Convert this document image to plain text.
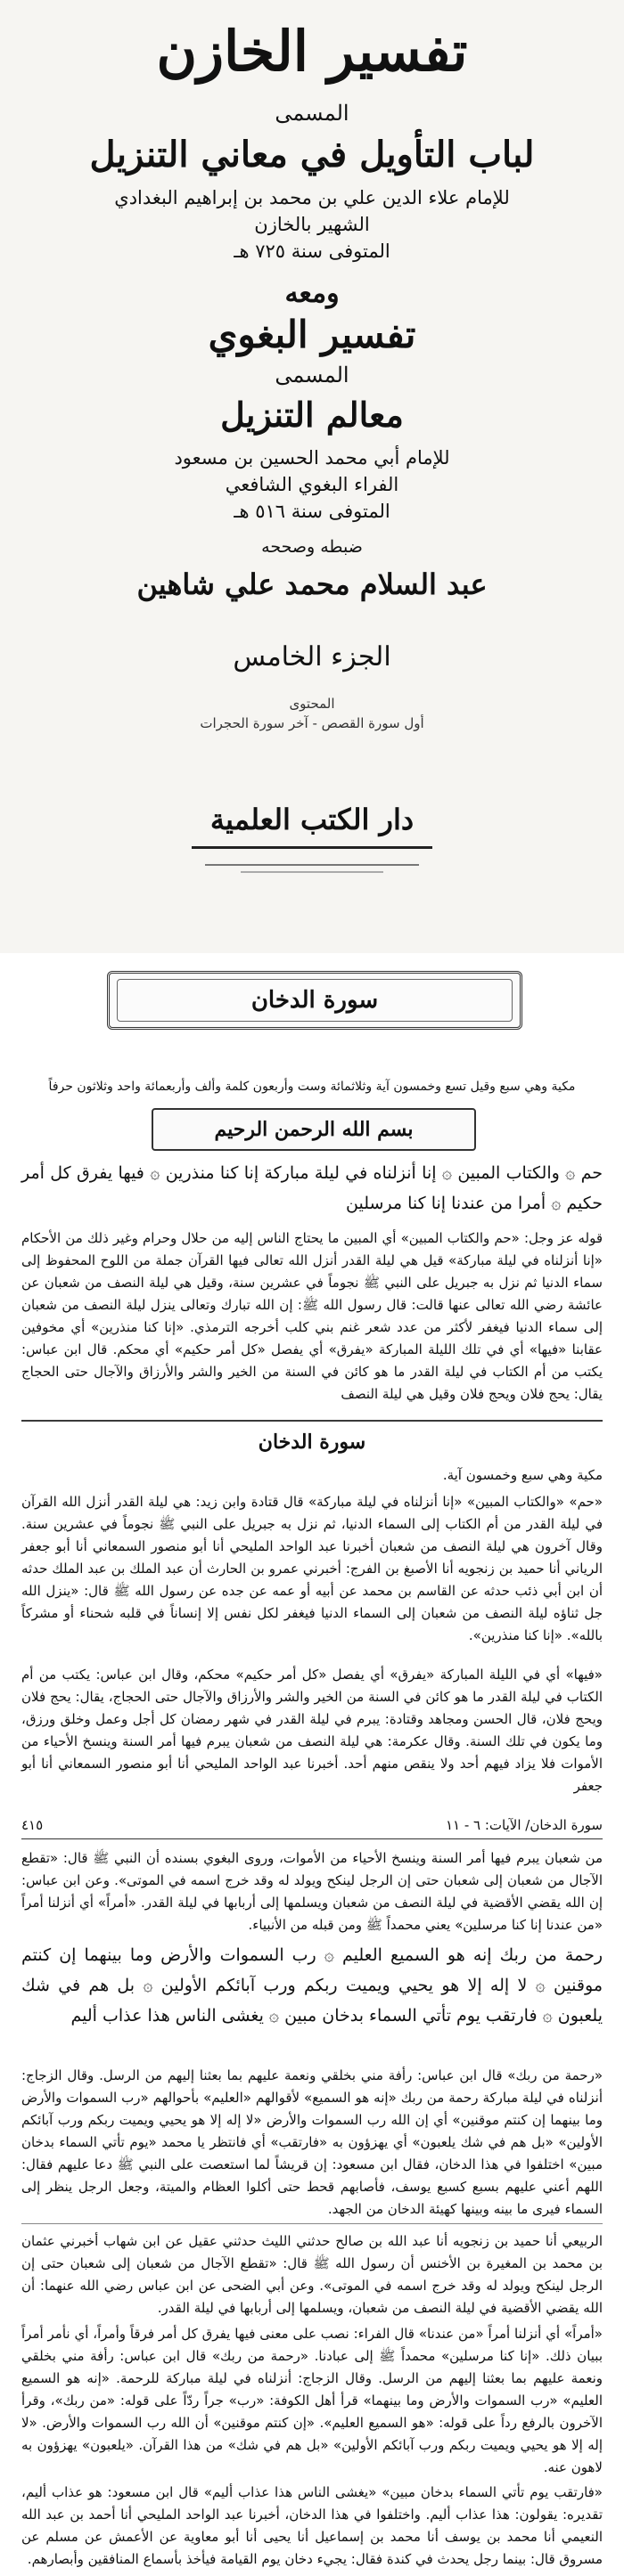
تفسير الخازن
المسمى
لباب التأويل في معاني التنزيل
للإمام علاء الدين علي بن محمد بن إبراهيم البغدادي
الشهير بالخازن
المتوفى سنة ٧٢٥ هـ
ومعه
تفسير البغوي
المسمى
معالم التنزيل
للإمام أبي محمد الحسين بن مسعود
الفراء البغوي الشافعي
المتوفى سنة ٥١٦ هـ
ضبطه وصححه
عبد السلام محمد علي شاهين
الجزء الخامس
المحتوى
أول سورة القصص - آخر سورة الحجرات
دار الكتب العلمية
سورة الدخان
مكية وهي سبع وقيل تسع وخمسون آية وثلاثمائة وست وأربعون كلمة وألف وأربعمائة واحد وثلاثون حرفاً
بسم الله الرحمن الرحيم
حم ۞ والكتاب المبين ۞ إنا أنزلناه في ليلة مباركة إنا كنا منذرين ۞ فيها يفرق كل أمر حكيم ۞ أمرا من عندنا إنا كنا مرسلين
قوله عز وجل: «حم والكتاب المبين» أي المبين ما يحتاج الناس إليه من حلال وحرام وغير ذلك من الأحكام «إنا أنزلناه في ليلة مباركة» قيل هي ليلة القدر أنزل الله تعالى فيها القرآن جملة من اللوح المحفوظ إلى سماء الدنيا ثم نزل به جبريل على النبي ﷺ نجوماً في عشرين سنة، وقيل هي ليلة النصف من شعبان عن عائشة رضي الله تعالى عنها قالت: قال رسول الله ﷺ: إن الله تبارك وتعالى ينزل ليلة النصف من شعبان إلى سماء الدنيا فيغفر لأكثر من عدد شعر غنم بني كلب أخرجه الترمذي. «إنا كنا منذرين» أي مخوفين عقابنا «فيها» أي في تلك الليلة المباركة «يفرق» أي يفصل «كل أمر حكيم» أي محكم. قال ابن عباس: يكتب من أم الكتاب في ليلة القدر ما هو كائن في السنة من الخير والشر والأرزاق والآجال حتى الحجاج يقال: يحج فلان ويحج فلان وقيل هي ليلة النصف
سورة الدخان
مكية وهي سبع وخمسون آية.
«حم» «والكتاب المبين» «إنا أنزلناه في ليلة مباركة» قال قتادة وابن زيد: هي ليلة القدر أنزل الله القرآن في ليلة القدر من أم الكتاب إلى السماء الدنيا، ثم نزل به جبريل على النبي ﷺ نجوماً في عشرين سنة. وقال آخرون هي ليلة النصف من شعبان أخبرنا عبد الواحد المليحي أنا أبو منصور السمعاني أنا أبو جعفر الرياني أنا حميد بن زنجويه أنا الأصبغ بن الفرج: أخبرني عمرو بن الحارث أن عبد الملك بن عبد الملك حدثه أن ابن أبي ذئب حدثه عن القاسم بن محمد عن أبيه أو عمه عن جده عن رسول الله ﷺ قال: «ينزل الله جل ثناؤه ليلة النصف من شعبان إلى السماء الدنيا فيغفر لكل نفس إلا إنساناً في قلبه شحناء أو مشركاً بالله». «إنا كنا منذرين».
«فيها» أي في الليلة المباركة «يفرق» أي يفصل «كل أمر حكيم» محكم، وقال ابن عباس: يكتب من أم الكتاب في ليلة القدر ما هو كائن في السنة من الخير والشر والأرزاق والآجال حتى الحجاج، يقال: يحج فلان ويحج فلان، قال الحسن ومجاهد وقتادة: يبرم في ليلة القدر في شهر رمضان كل أجل وعمل وخلق ورزق، وما يكون في تلك السنة. وقال عكرمة: هي ليلة النصف من شعبان يبرم فيها أمر السنة وينسخ الأحياء من الأموات فلا يزاد فيهم أحد ولا ينقص منهم أحد. أخبرنا عبد الواحد المليحي أنا أبو منصور السمعاني أنا أبو جعفر
٤١٥	سورة الدخان/ الآيات: ٦ - ١١
من شعبان يبرم فيها أمر السنة وينسخ الأحياء من الأموات، وروى البغوي بسنده أن النبي ﷺ قال: «تقطع الآجال من شعبان إلى شعبان حتى إن الرجل لينكح ويولد له وقد خرج اسمه في الموتى». وعن ابن عباس: إن الله يقضي الأقضية في ليلة النصف من شعبان ويسلمها إلى أربابها في ليلة القدر. «أمراً» أي أنزلنا أمراً «من عندنا إنا كنا مرسلين» يعني محمداً ﷺ ومن قبله من الأنبياء.
رحمة من ربك إنه هو السميع العليم ۞ رب السموات والأرض وما بينهما إن كنتم موقنين ۞ لا إله إلا هو يحيي ويميت ربكم ورب آبائكم الأولين ۞ بل هم في شك يلعبون ۞ فارتقب يوم تأتي السماء بدخان مبين ۞ يغشى الناس هذا عذاب أليم
«رحمة من ربك» قال ابن عباس: رأفة مني بخلقي ونعمة عليهم بما بعثنا إليهم من الرسل. وقال الزجاج: أنزلناه في ليلة مباركة رحمة من ربك «إنه هو السميع» لأقوالهم «العليم» بأحوالهم «رب السموات والأرض وما بينهما إن كنتم موقنين» أي إن الله رب السموات والأرض «لا إله إلا هو يحيي ويميت ربكم ورب آبائكم الأولين» «بل هم في شك يلعبون» أي يهزؤون به «فارتقب» أي فانتظر يا محمد «يوم تأتي السماء بدخان مبين» اختلفوا في هذا الدخان، فقال ابن مسعود: إن قريشاً لما استعصت على النبي ﷺ دعا عليهم فقال: اللهم أعني عليهم بسبع كسبع يوسف، فأصابهم قحط حتى أكلوا العظام والميتة، وجعل الرجل ينظر إلى السماء فيرى ما بينه وبينها كهيئة الدخان من الجهد.
الربيعي أنا حميد بن زنجويه أنا عبد الله بن صالح حدثني الليث حدثني عقيل عن ابن شهاب أخبرني عثمان بن محمد بن المغيرة بن الأخنس أن رسول الله ﷺ قال: «تقطع الآجال من شعبان إلى شعبان حتى إن الرجل لينكح ويولد له وقد خرج اسمه في الموتى». وعن أبي الضحى عن ابن عباس رضي الله عنهما: أن الله يقضي الأقضية في ليلة النصف من شعبان، ويسلمها إلى أربابها في ليلة القدر.
«أمراً» أي أنزلنا أمراً «من عندنا» قال الفراء: نصب على معنى فيها يفرق كل أمر فرقاً وأمراً، أي نأمر أمراً ببيان ذلك. «إنا كنا مرسلين» محمداً ﷺ إلى عبادنا. «رحمة من ربك» قال ابن عباس: رأفة مني بخلقي ونعمة عليهم بما بعثنا إليهم من الرسل. وقال الزجاج: أنزلناه في ليلة مباركة للرحمة. «إنه هو السميع العليم» «رب السموات والأرض وما بينهما» قرأ أهل الكوفة: «رب» جراً ردّاً على قوله: «من ربك»، وقرأ الآخرون بالرفع رداً على قوله: «هو السميع العليم». «إن كنتم موقنين» أن الله رب السموات والأرض. «لا إله إلا هو يحيي ويميت ربكم ورب آبائكم الأولين» «بل هم في شك» من هذا القرآن. «يلعبون» يهزؤون به لاهون عنه.
«فارتقب يوم تأتي السماء بدخان مبين» «يغشى الناس هذا عذاب أليم» قال ابن مسعود: هو عذاب أليم، تقديره: يقولون: هذا عذاب أليم. واختلفوا في هذا الدخان، أخبرنا عبد الواحد المليحي أنا أحمد بن عبد الله النعيمي أنا محمد بن يوسف أنا محمد بن إسماعيل أنا يحيى أنا أبو معاوية عن الأعمش عن مسلم عن مسروق قال: بينما رجل يحدث في كندة فقال: يجيء دخان يوم القيامة فيأخذ بأسماع المنافقين وأبصارهم.
